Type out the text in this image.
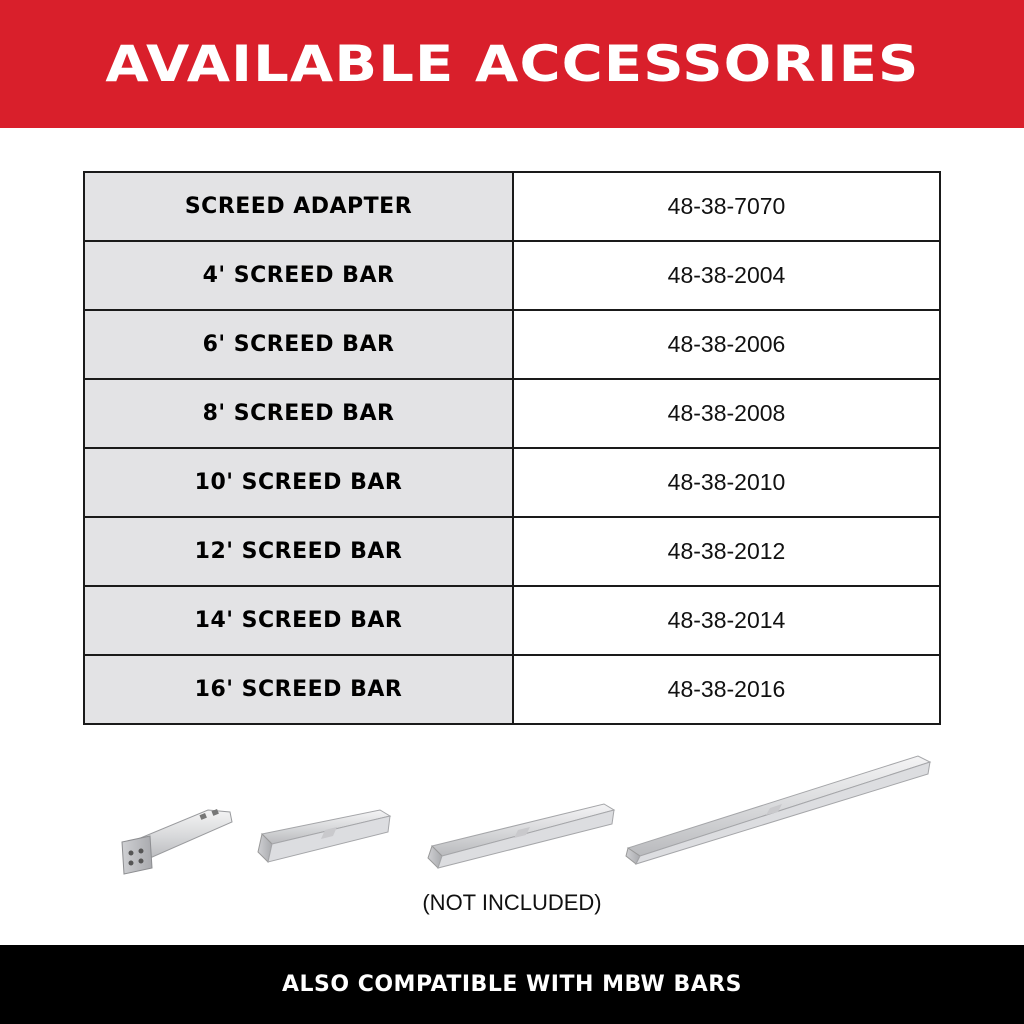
AVAILABLE ACCESSORIES
SCREED ADAPTER	48-38-7070
4' SCREED BAR	48-38-2004
6' SCREED BAR	48-38-2006
8' SCREED BAR	48-38-2008
10' SCREED BAR	48-38-2010
12' SCREED BAR	48-38-2012
14' SCREED BAR	48-38-2014
16' SCREED BAR	48-38-2016
(NOT INCLUDED)
ALSO COMPATIBLE WITH MBW BARS
